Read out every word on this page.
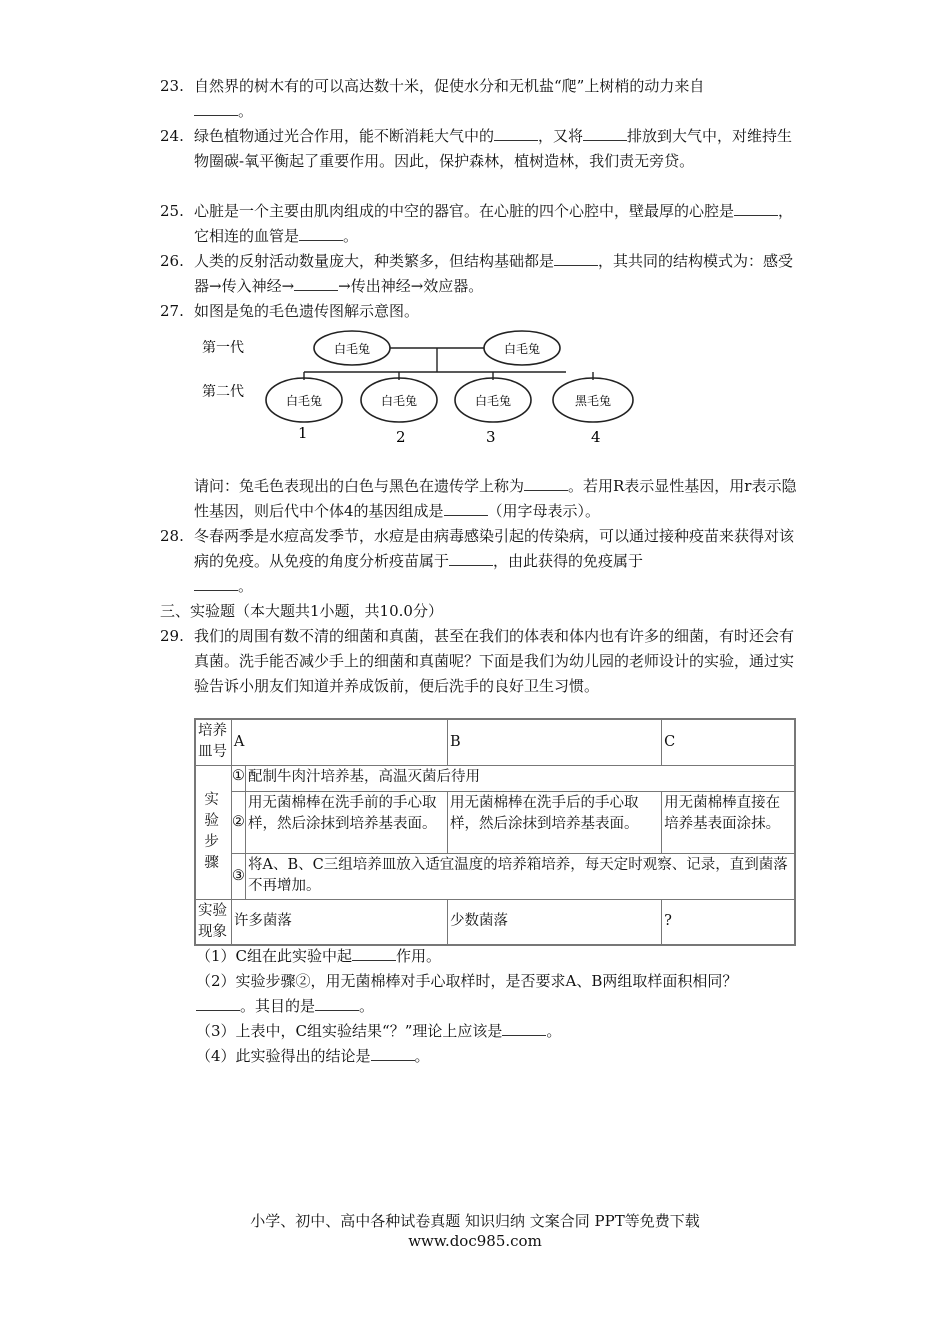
23. 自然界的树木有的可以高达数十米，促使水分和无机盐“爬”上树梢的动力来自
。
24. 绿色植物通过光合作用，能不断消耗大气中的	，又将	排放到大气中，对维持生物圈碳-氧平衡起了重要作用。因此，保护森林，植树造林，我们责无旁贷。
25. 心脏是一个主要由肌肉组成的中空的器官。在心脏的四个心腔中，壁最厚的心腔是	，它相连的血管是	。
26. 人类的反射活动数量庞大，种类繁多，但结构基础都是	，其共同的结构模式为：感受器→传入神经→	→传出神经→效应器。
27. 如图是兔的毛色遗传图解示意图。
第一代
第二代
白毛兔	白毛兔
白毛兔	白毛兔	白毛兔	黑毛兔
1	2	3	4
请问：兔毛色表现出的白色与黑色在遗传学上称为	。若用R表示显性基因，用r表示隐性基因，则后代中个体4的基因组成是	（用字母表示）。
28. 冬春两季是水痘高发季节，水痘是由病毒感染引起的传染病，可以通过接种疫苗来获得对该病的免疫。从免疫的角度分析疫苗属于	，由此获得的免疫属于
。
三、实验题（本大题共1小题，共10.0分）
29. 我们的周围有数不清的细菌和真菌，甚至在我们的体表和体内也有许多的细菌，有时还会有真菌。洗手能否减少手上的细菌和真菌呢？下面是我们为幼儿园的老师设计的实验，通过实验告诉小朋友们知道并养成饭前，便后洗手的良好卫生习惯。
培养皿号	A		B	C

实验步骤	①	配制牛肉汁培养基，高温灭菌后待用		
	②	用无菌棉棒在洗手前的手心取样，然后涂抹到培养基表面。	用无菌棉棒在洗手后的手心取样，然后涂抹到培养基表面。	用无菌棉棒直接在培养基表面涂抹。
	③	将A、B、C三组培养皿放入适宜温度的培养箱培养，每天定时观察、记录，直到菌落不再增加。		
实验现象	许多菌落		少数菌落	?
（1）C组在此实验中起	作用。
（2）实验步骤②，用无菌棉棒对手心取样时，是否要求A、B两组取样面积相同？
。其目的是	。
（3）上表中，C组实验结果“？”理论上应该是	。
（4）此实验得出的结论是	。
小学、初中、高中各种试卷真题 知识归纳 文案合同 PPT等免费下载
www.doc985.com
